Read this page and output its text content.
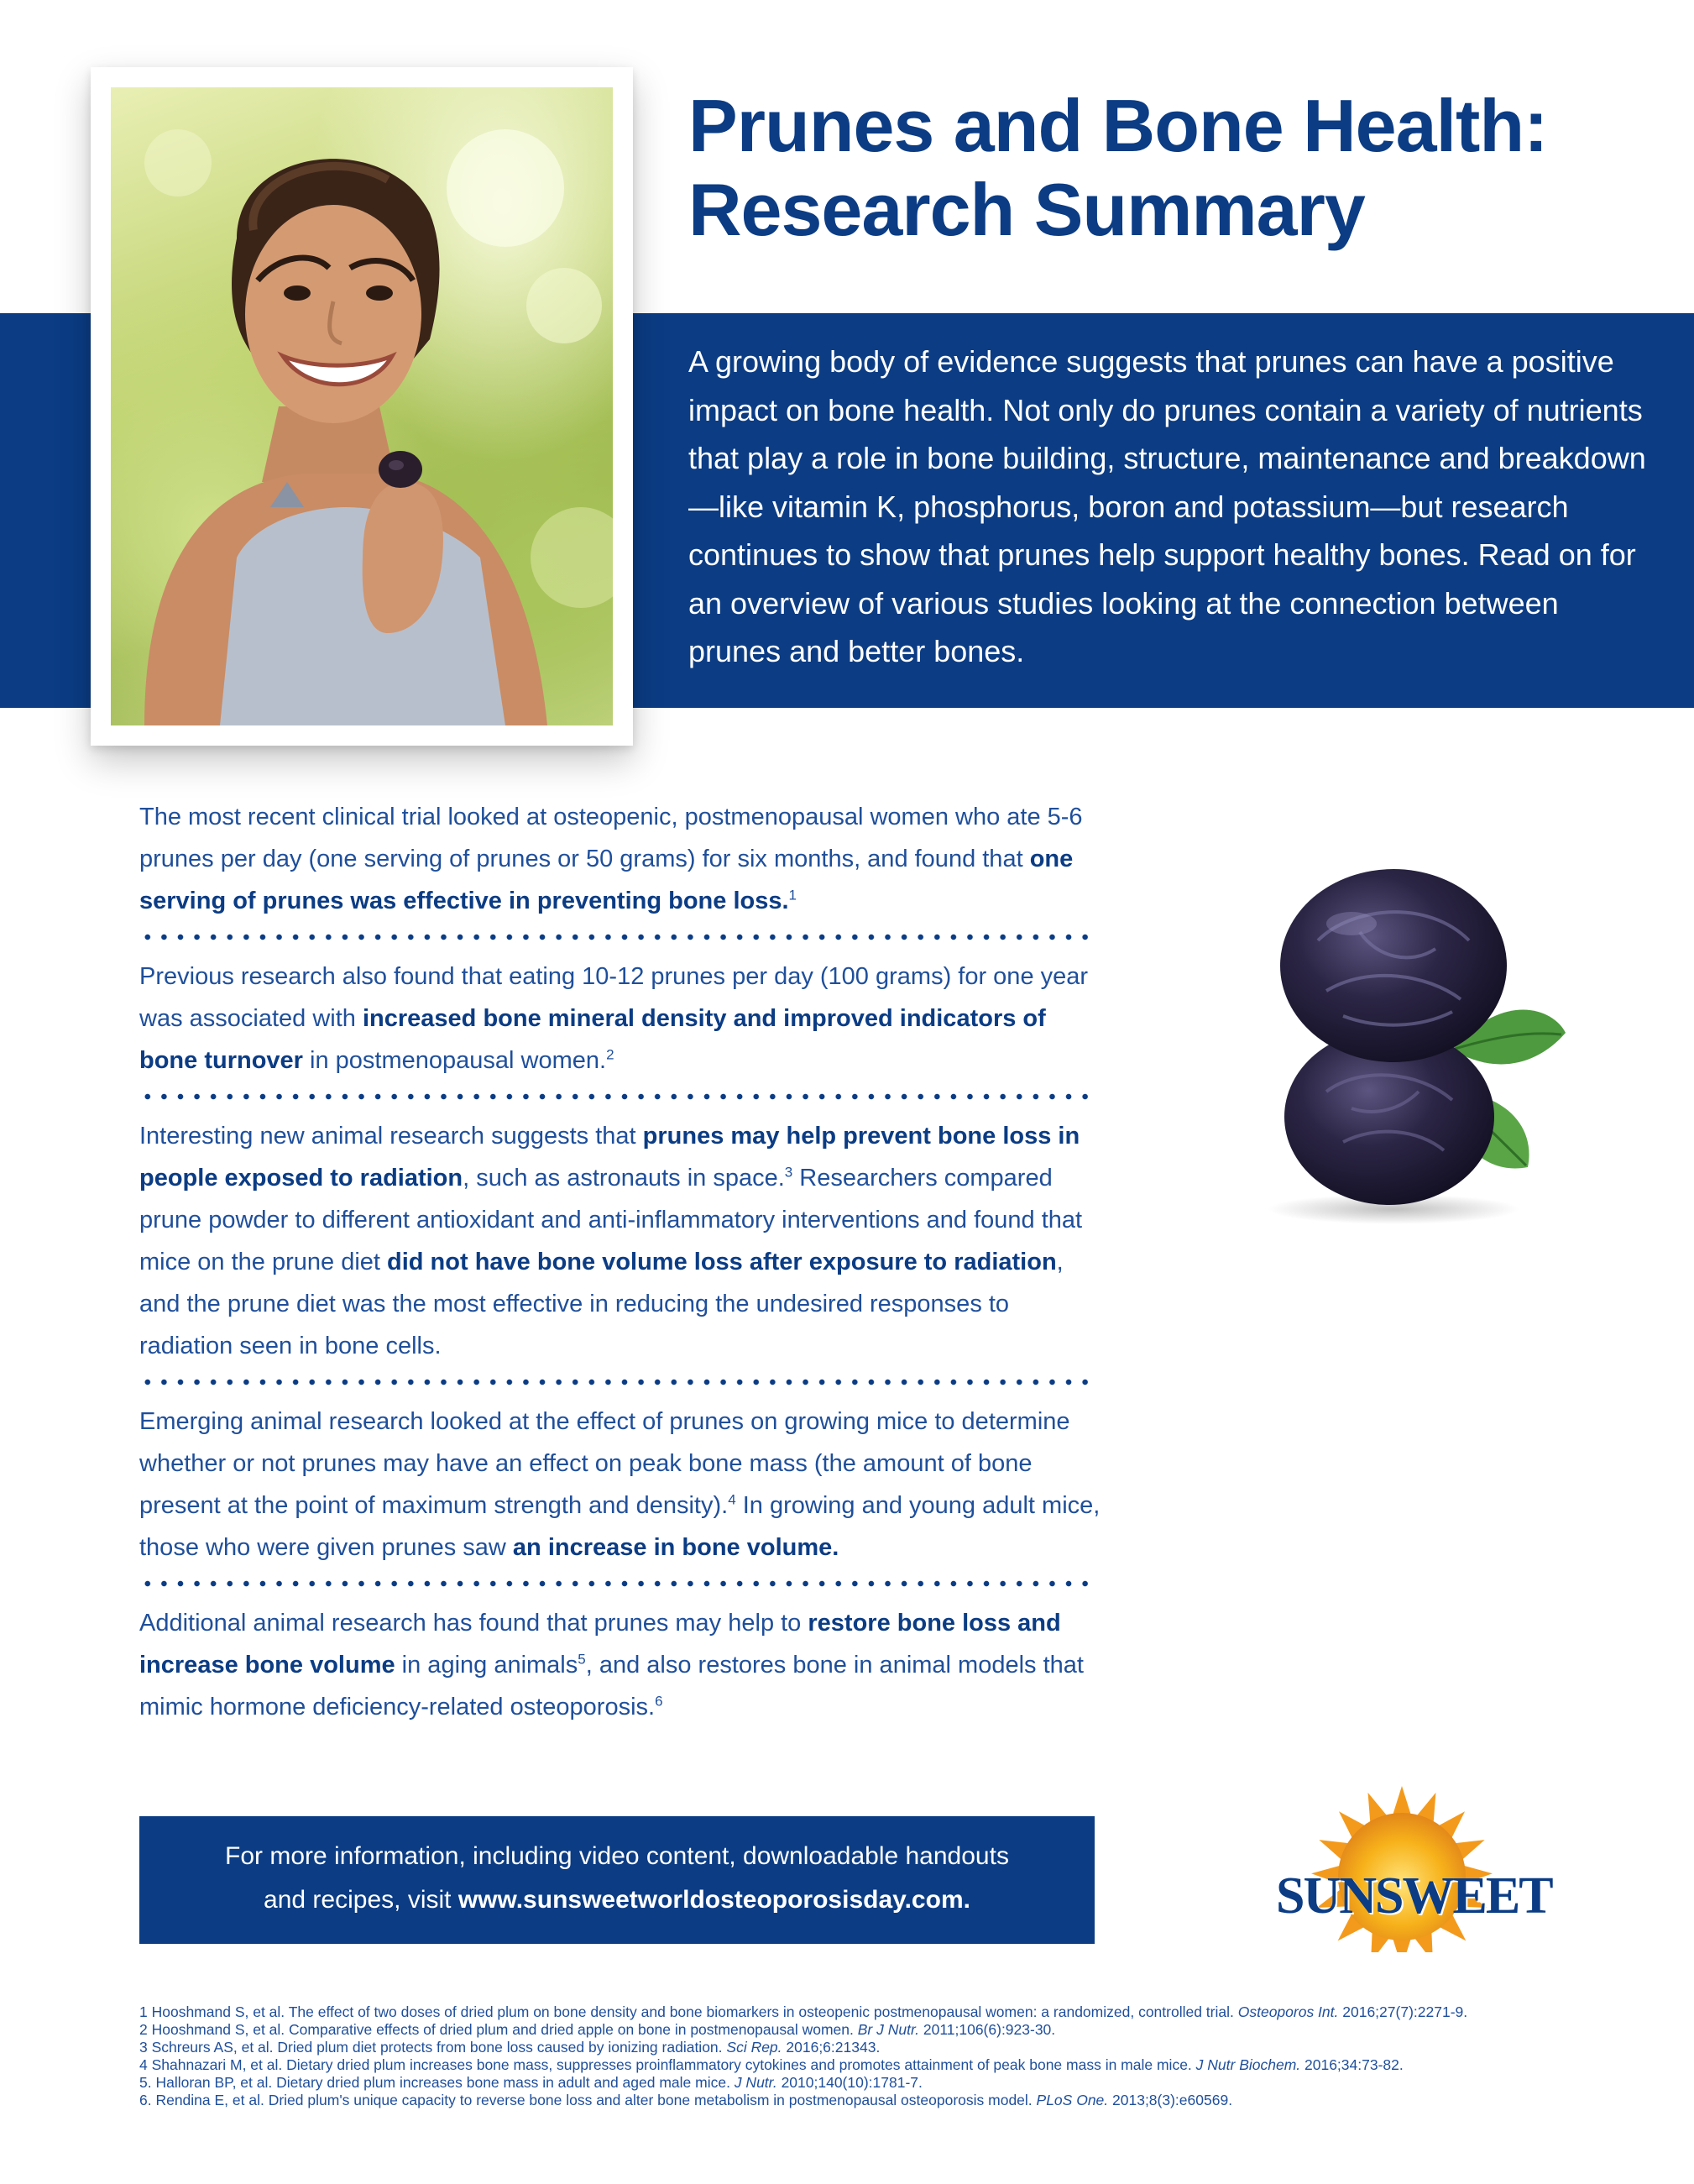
Prunes and Bone Health:
Research Summary

A growing body of evidence suggests that prunes can have a positive impact on bone health. Not only do prunes contain a variety of nutrients that play a role in bone building, structure, maintenance and breakdown—like vitamin K, phosphorus, boron and potassium—but research continues to show that prunes help support healthy bones. Read on for an overview of various studies looking at the connection between prunes and better bones.

The most recent clinical trial looked at osteopenic, postmenopausal women who ate 5-6 prunes per day (one serving of prunes or 50 grams) for six months, and found that one serving of prunes was effective in preventing bone loss.$^1$

Previous research also found that eating 10-12 prunes per day (100 grams) for one year was associated with increased bone mineral density and improved indicators of bone turnover in postmenopausal women.$^2$

Interesting new animal research suggests that prunes may help prevent bone loss in people exposed to radiation, such as astronauts in space.$^3$ Researchers compared prune powder to different antioxidant and anti-inflammatory interventions and found that mice on the prune diet did not have bone volume loss after exposure to radiation, and the prune diet was the most effective in reducing the undesired responses to radiation seen in bone cells.

Emerging animal research looked at the effect of prunes on growing mice to determine whether or not prunes may have an effect on peak bone mass (the amount of bone present at the point of maximum strength and density).$^4$ In growing and young adult mice, those who were given prunes saw an increase in bone volume.

Additional animal research has found that prunes may help to restore bone loss and increase bone volume in aging animals$^5$, and also restores bone in animal models that mimic hormone deficiency-related osteoporosis.$^6$

For more information, including video content, downloadable handouts
and recipes, visit www.sunsweetworldosteoporosisday.com.	SUNSWEET
1 Hooshmand S, et al. The effect of two doses of dried plum on bone density and bone biomarkers in osteopenic postmenopausal women: a randomized, controlled trial. Osteoporos Int. 2016;27(7):2271-9.
2 Hooshmand S, et al. Comparative effects of dried plum and dried apple on bone in postmenopausal women. Br J Nutr. 2011;106(6):923-30.
3 Schreurs AS, et al. Dried plum diet protects from bone loss caused by ionizing radiation. Sci Rep. 2016;6:21343.
4 Shahnazari M, et al. Dietary dried plum increases bone mass, suppresses proinflammatory cytokines and promotes attainment of peak bone mass in male mice. J Nutr Biochem. 2016;34:73-82.
5. Halloran BP, et al. Dietary dried plum increases bone mass in adult and aged male mice. J Nutr. 2010;140(10):1781-7.
6. Rendina E, et al. Dried plum's unique capacity to reverse bone loss and alter bone metabolism in postmenopausal osteoporosis model. PLoS One. 2013;8(3):e60569.
